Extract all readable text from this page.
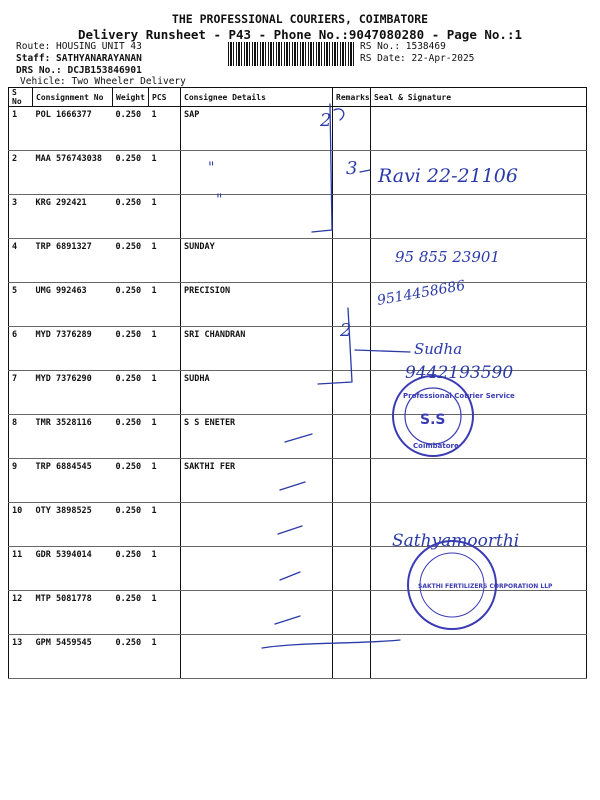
THE PROFESSIONAL COURIERS, COIMBATORE
Delivery Runsheet - P43 - Phone No.:9047080280 - Page No.:1
Route: HOUSING UNIT 43
Staff: SATHYANARAYANAN
DRS No.: DCJB153846901
Vehicle: Two Wheeler Delivery
RS No.: 1538469
RS Date: 22-Apr-2025
S No	Consignment No	Weight	PCS	Consignee Details	Remarks	Seal & Signature
1	POL 1666377	0.250	1	SAP		
2	MAA 576743038	0.250	1			
3	KRG 292421	0.250	1			
4	TRP 6891327	0.250	1	SUNDAY		
5	UMG 992463	0.250	1	PRECISION		
6	MYD 7376289	0.250	1	SRI CHANDRAN		
7	MYD 7376290	0.250	1	SUDHA		
8	TMR 3528116	0.250	1	S S ENETER		
9	TRP 6884545	0.250	1	SAKTHI FER		
10	OTY 3898525	0.250	1			
11	GDR 5394014	0.250	1			
12	MTP 5081778	0.250	1			
13	GPM 5459545	0.250	1			
Professional Courier Service
S.S
Coimbatore
SAKTHI FERTILIZERS CORPORATION LLP
2
"
"
3 Ravi 22-21106
95 855 23901
9514458686
2
Sudha
9442193590
Sathyamoorthi
